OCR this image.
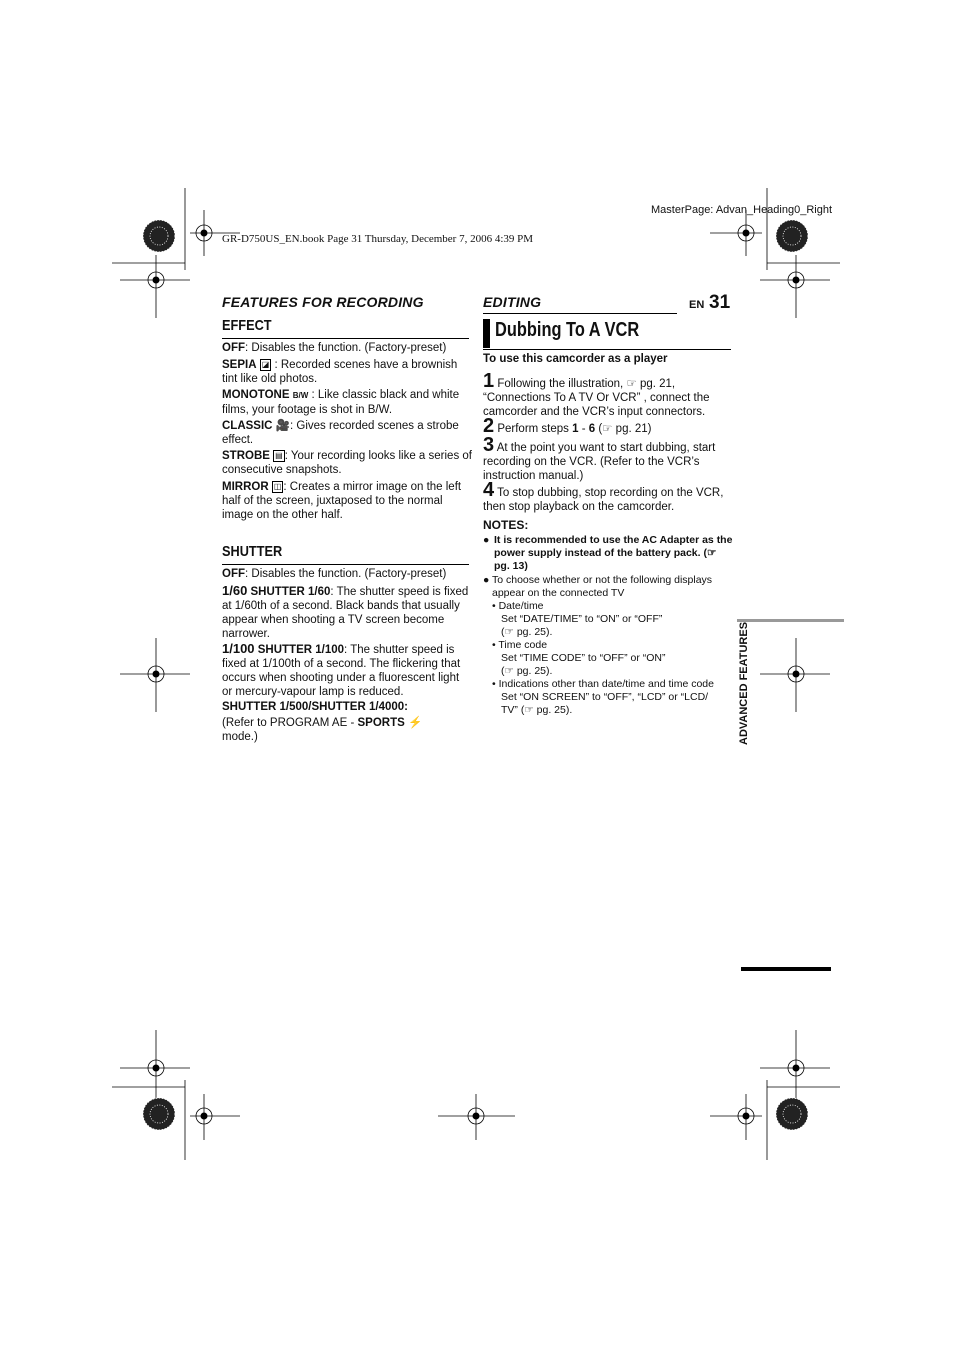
MasterPage: Advan_Heading0_Right
GR-D750US_EN.book Page 31 Thursday, December 7, 2006 4:39 PM
FEATURES FOR RECORDING
EFFECT
OFF: Disables the function. (Factory-preset)
SEPIA ◪ : Recorded scenes have a brownish tint like old photos.
MONOTONE B/W : Like classic black and white films, your footage is shot in B/W.
CLASSIC 🎥: Gives recorded scenes a strobe effect.
STROBE ▤ : Your recording looks like a series of consecutive snapshots.
MIRROR ◫ : Creates a mirror image on the left half of the screen, juxtaposed to the normal image on the other half.
SHUTTER
OFF: Disables the function. (Factory-preset)
1/60 SHUTTER 1/60: The shutter speed is fixed at 1/60th of a second. Black bands that usually appear when shooting a TV screen become narrower.
1/100 SHUTTER 1/100: The shutter speed is fixed at 1/100th of a second. The flickering that occurs when shooting under a fluorescent light or mercury-vapour lamp is reduced.
SHUTTER 1/500/SHUTTER 1/4000:
(Refer to PROGRAM AE - SPORTS ⚡
mode.)
EDITING	EN 31
Dubbing To A VCR
To use this camcorder as a player
1 Following the illustration, ☞ pg. 21, “Connections To A TV Or VCR” , connect the camcorder and the VCR’s input connectors.
2 Perform steps 1 - 6 (☞ pg. 21)
3 At the point you want to start dubbing, start recording on the VCR. (Refer to the VCR’s instruction manual.)
4 To stop dubbing, stop recording on the VCR, then stop playback on the camcorder.
NOTES:
● It is recommended to use the AC Adapter as the power supply instead of the battery pack. (☞ pg. 13)
● To choose whether or not the following displays appear on the connected TV
• Date/time
Set “DATE/TIME” to “ON” or “OFF”
(☞ pg. 25).
• Time code
Set “TIME CODE” to “OFF” or “ON”
(☞ pg. 25).
• Indications other than date/time and time code
Set “ON SCREEN” to “OFF”, “LCD” or “LCD/
TV” (☞ pg. 25).	ADVANCED FEATURES
